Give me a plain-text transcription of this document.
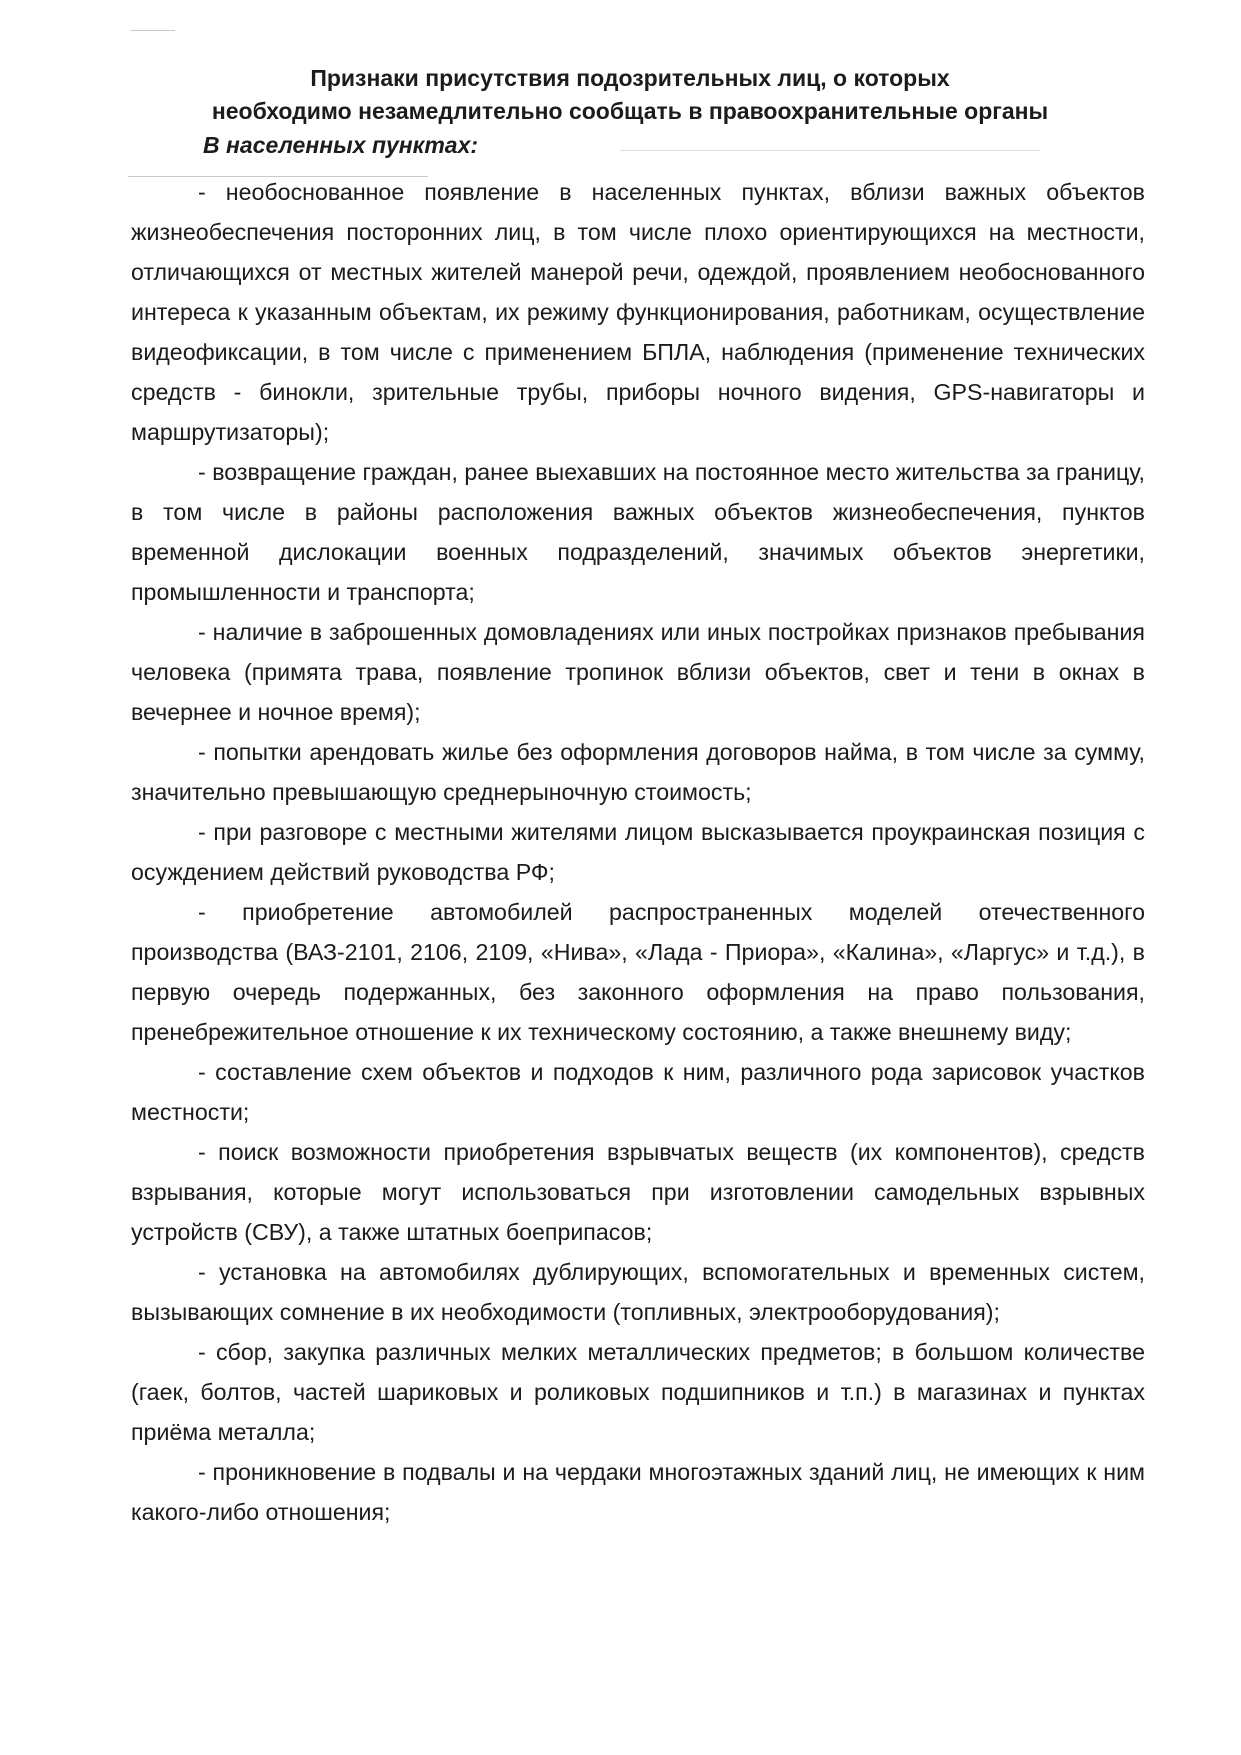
Признаки присутствия подозрительных лиц, о которых
необходимо незамедлительно сообщать в правоохранительные органы
В населенных пунктах:

- необоснованное появление в населенных пунктах, вблизи важных объектов жизнеобеспечения посторонних лиц, в том числе плохо ориентирующихся на местности, отличающихся от местных жителей манерой речи, одеждой, проявлением необоснованного интереса к указанным объектам, их режиму функционирования, работникам, осуществление видеофиксации, в том числе с применением БПЛА, наблюдения (применение технических средств - бинокли, зрительные трубы, приборы ночного видения, GPS-навигаторы и маршрутизаторы);

- возвращение граждан, ранее выехавших на постоянное место жительства за границу, в том числе в районы расположения важных объектов жизнеобеспечения, пунктов временной дислокации военных подразделений, значимых объектов энергетики, промышленности и транспорта;

- наличие в заброшенных домовладениях или иных постройках признаков пребывания человека (примята трава, появление тропинок вблизи объектов, свет и тени в окнах в вечернее и ночное время);

- попытки арендовать жилье без оформления договоров найма, в том числе за сумму, значительно превышающую среднерыночную стоимость;

- при разговоре с местными жителями лицом высказывается проукраинская позиция с осуждением действий руководства РФ;

- приобретение автомобилей распространенных моделей отечественного производства (ВАЗ-2101, 2106, 2109, «Нива», «Лада - Приора», «Калина», «Ларгус» и т.д.), в первую очередь подержанных, без законного оформления на право пользования, пренебрежительное отношение к их техническому состоянию, а также внешнему виду;

- составление схем объектов и подходов к ним, различного рода зарисовок участков местности;

- поиск возможности приобретения взрывчатых веществ (их компонентов), средств взрывания, которые могут использоваться при изготовлении самодельных взрывных устройств (СВУ), а также штатных боеприпасов;

- установка на автомобилях дублирующих, вспомогательных и временных систем, вызывающих сомнение в их необходимости (топливных, электрооборудования);

- сбор, закупка различных мелких металлических предметов; в большом количестве (гаек, болтов, частей шариковых и роликовых подшипников и т.п.) в магазинах и пунктах приёма металла;

- проникновение в подвалы и на чердаки многоэтажных зданий лиц, не имеющих к ним какого-либо отношения;
